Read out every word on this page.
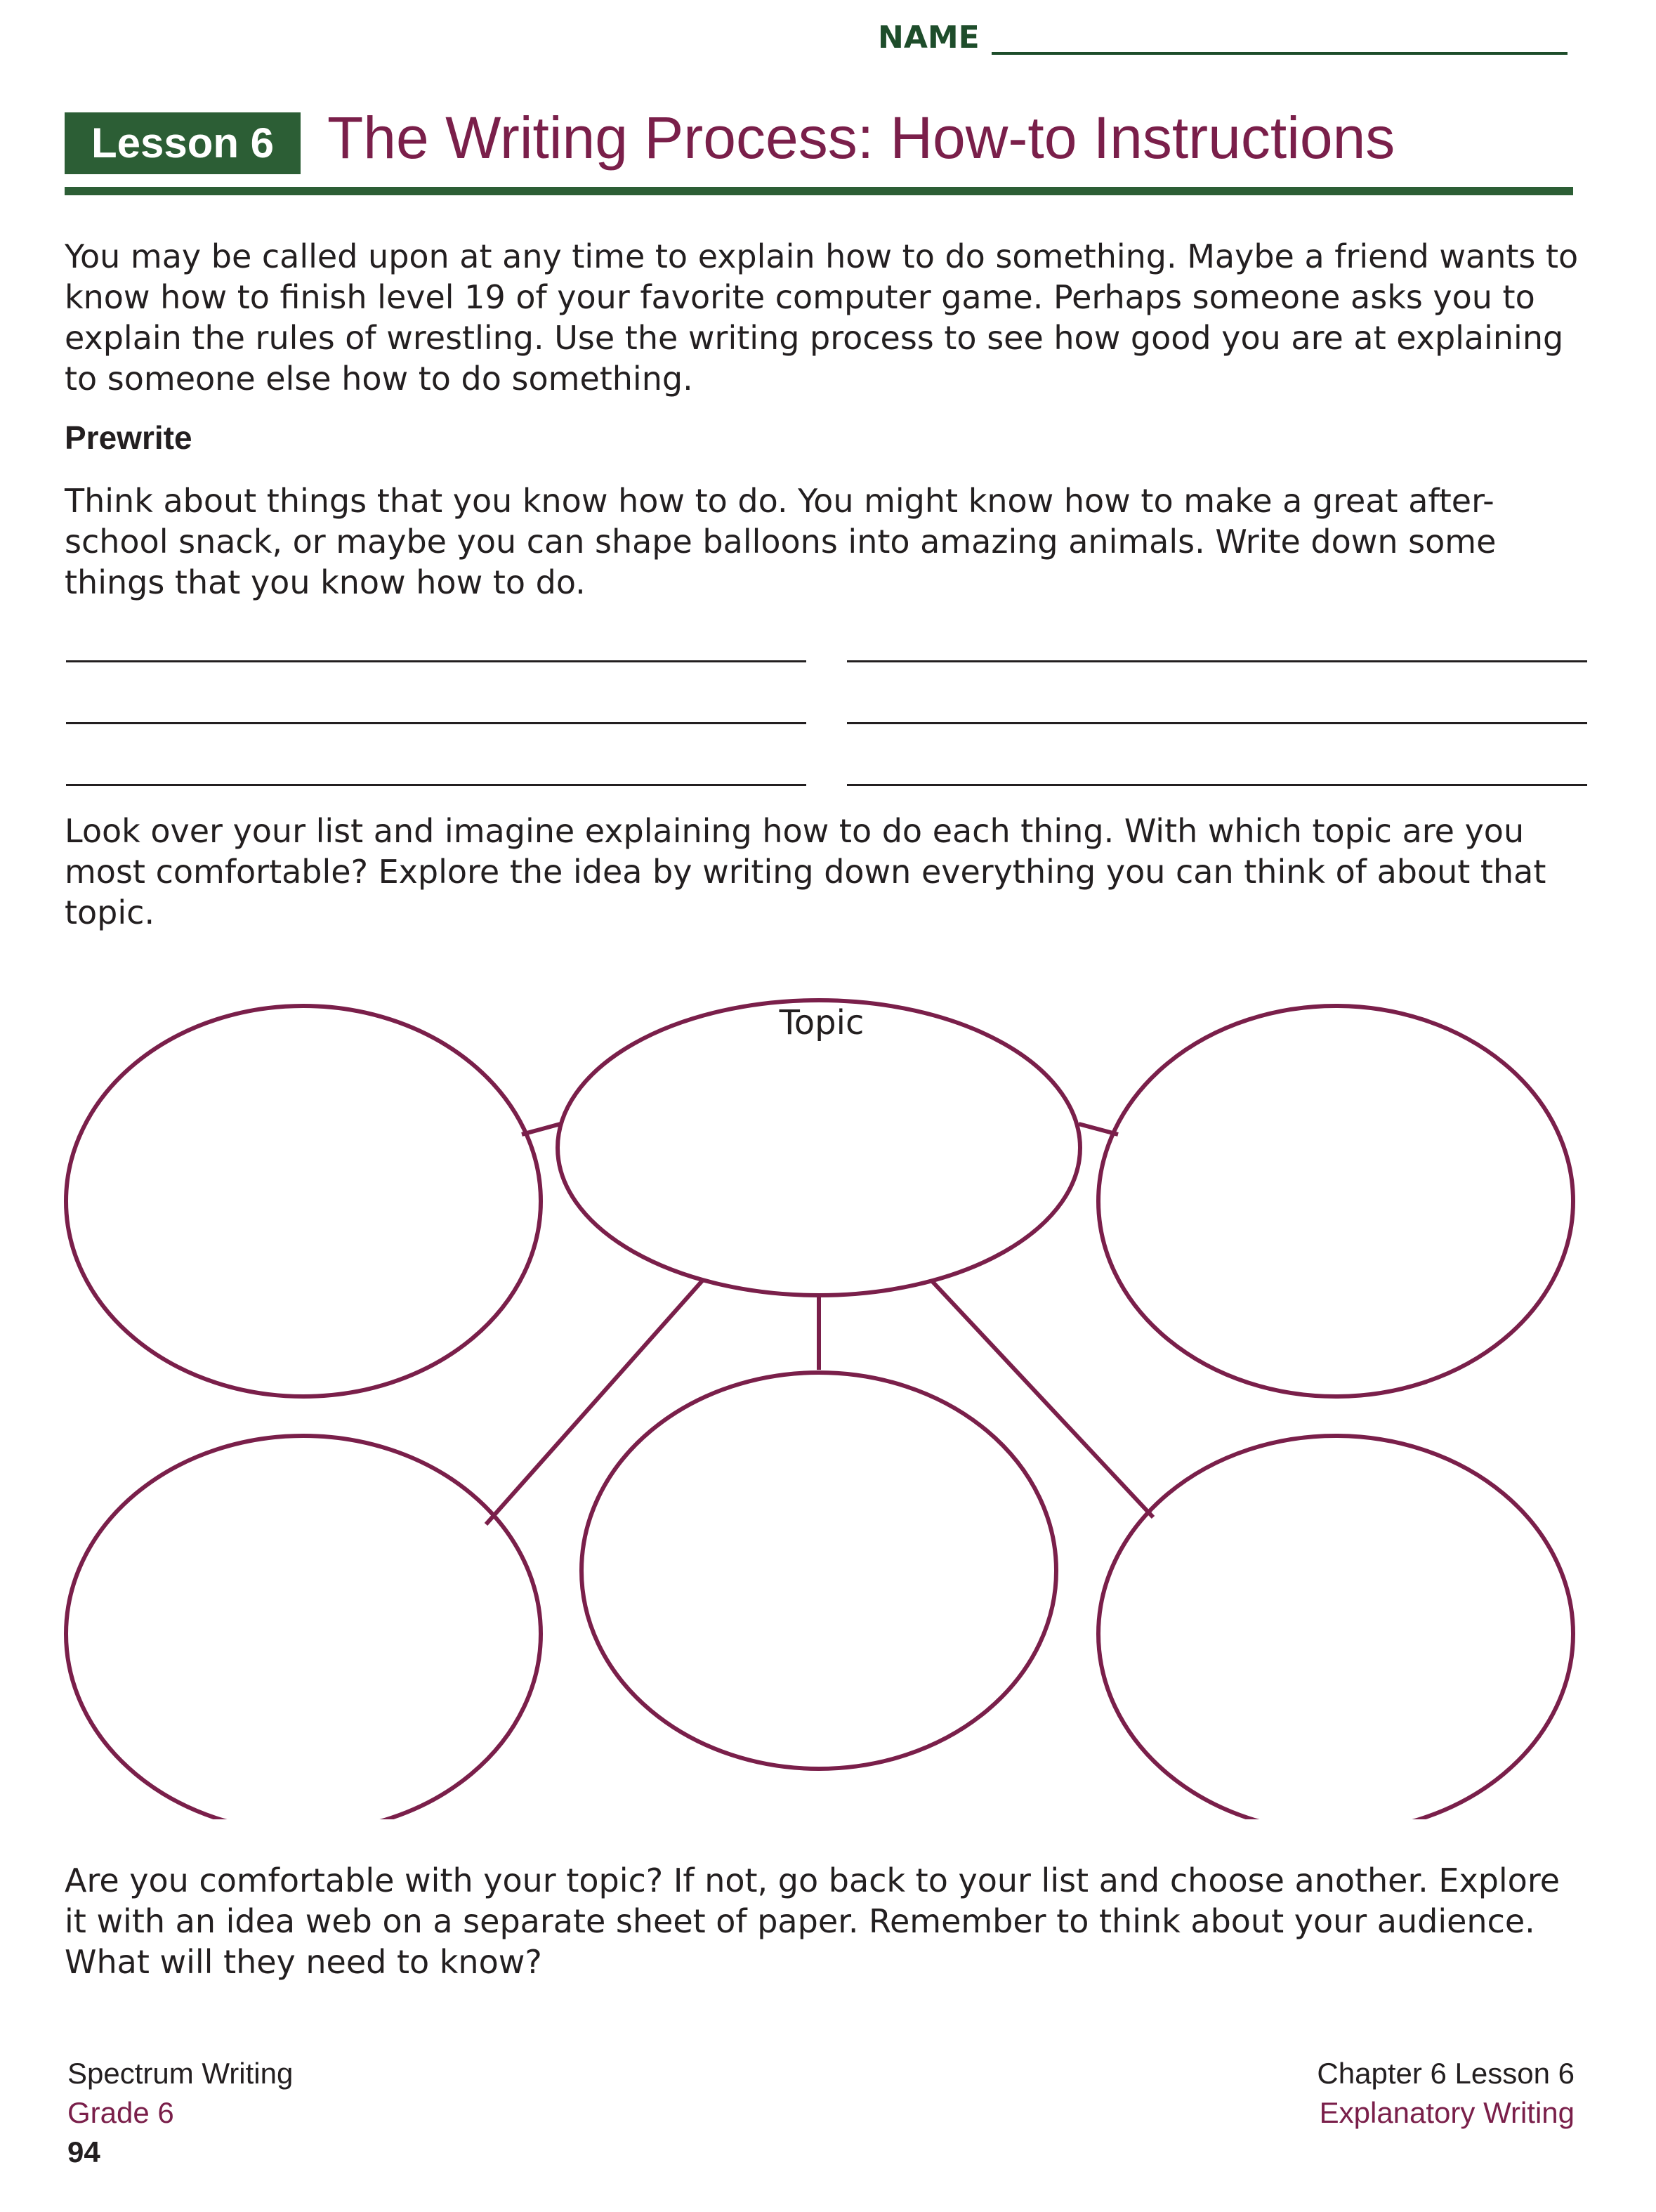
NAME
Lesson 6 The Writing Process: How-to Instructions

You may be called upon at any time to explain how to do something. Maybe a friend wants to know how to finish level 19 of your favorite computer game. Perhaps someone asks you to explain the rules of wrestling. Use the writing process to see how good you are at explaining to someone else how to do something.

Prewrite

Think about things that you know how to do. You might know how to make a great after-school snack, or maybe you can shape balloons into amazing animals. Write down some things that you know how to do.

Look over your list and imagine explaining how to do each thing. With which topic are you most comfortable? Explore the idea by writing down everything you can think of about that topic.

Topic

Are you comfortable with your topic? If not, go back to your list and choose another. Explore it with an idea web on a separate sheet of paper. Remember to think about your audience. What will they need to know?

Spectrum Writing
Grade 6
94
Chapter 6 Lesson 6
Explanatory Writing
